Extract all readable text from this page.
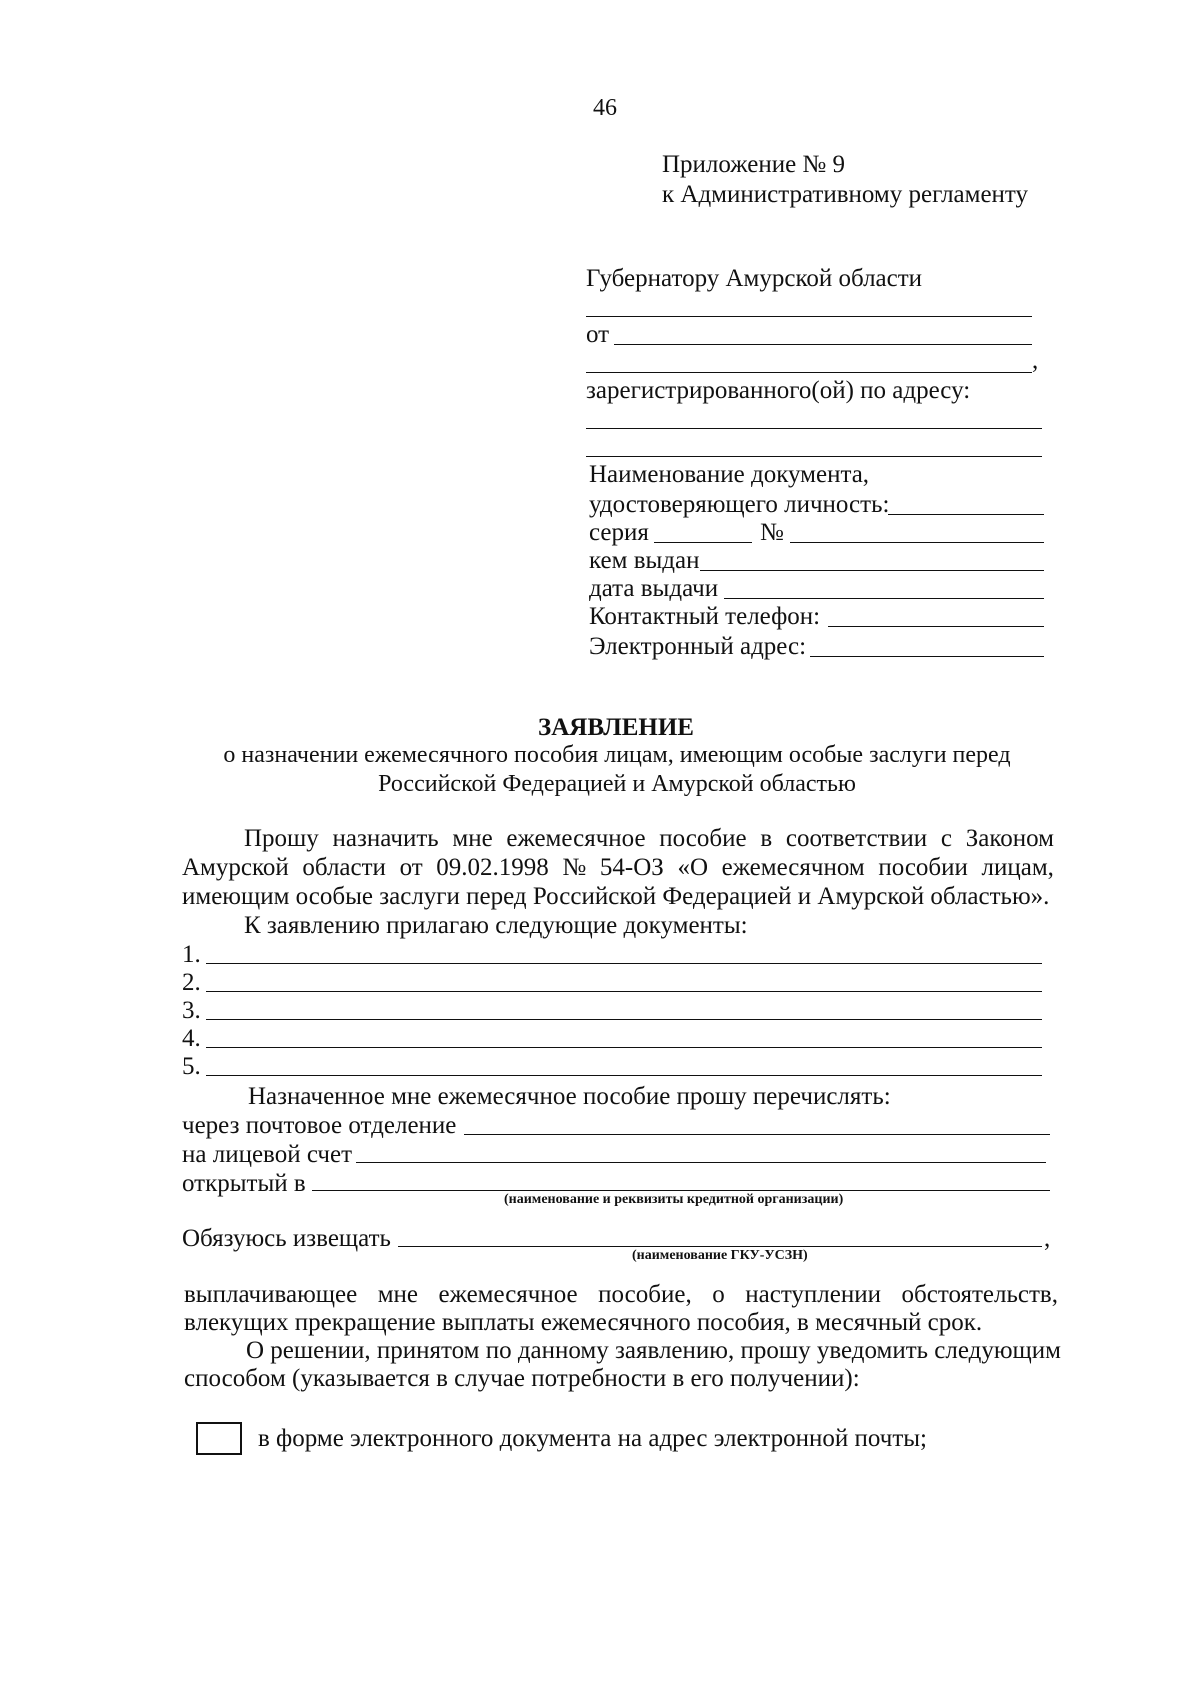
46
Приложение № 9
к Административному регламенту
Губернатору Амурской области
от
,
зарегистрированного(ой) по адресу:
Наименование документа,
удостоверяющего личность:
серия	№
кем выдан
дата выдачи
Контактный телефон:
Электронный адрес:
ЗАЯВЛЕНИЕ
о назначении ежемесячного пособия лицам, имеющим особые заслуги перед
Российской Федерацией и Амурской областью
Прошу назначить мне ежемесячное пособие в соответствии с Законом
Амурской области от 09.02.1998 № 54-ОЗ «О ежемесячном пособии лицам,
имеющим особые заслуги перед Российской Федерацией и Амурской областью».
К заявлению прилагаю следующие документы:
1.
2.
3.
4.
5.
Назначенное мне ежемесячное пособие прошу перечислять:
через почтовое отделение
на лицевой счет
открытый в
(наименование и реквизиты кредитной организации)
Обязуюсь извещать	,
(наименование ГКУ-УСЗН)
выплачивающее мне ежемесячное пособие, о наступлении обстоятельств,
влекущих прекращение выплаты ежемесячного пособия, в месячный срок.
О решении, принятом по данному заявлению, прошу уведомить следующим
способом (указывается в случае потребности в его получении):
в форме электронного документа на адрес электронной почты;
